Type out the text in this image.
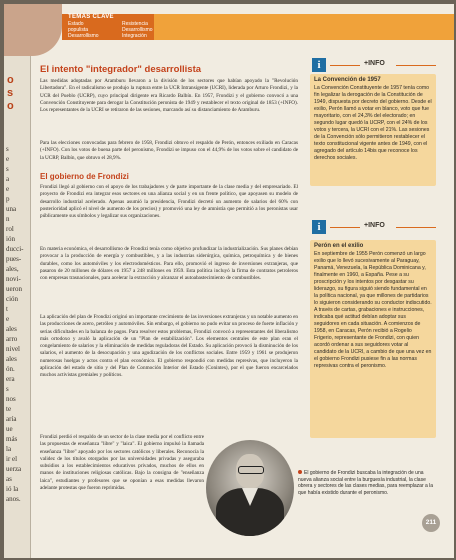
s
e
s
a
e
p
una
n
rol
ión
ducci-
pues-
ales,
novi-
ueron
ción
t
e
ales
arro
nivel
ales
ón.
era
s
nos
te
aría
ue
más
la
ir el
uerza
as
ió la
anos.
o
s
o
TEMAS CLAVE
Estado
populista
Desarrollismo
Resistencia
Desarrollismo
Integración
El intento "integrador" desarrollista
Las medidas adoptadas por Aramburu llevaron a la división de los sectores que habían apoyado la "Revolución Libertadora". En el radicalismo se produjo la ruptura entre la UCR Intransigente (UCRI), liderada por Arturo Frondizi, y la UCR del Pueblo (UCRP), cuyo principal dirigente era Ricardo Balbín. En 1957, Frondizi y el gobierno convocó a una Convención Constituyente para derogar la Constitución peronista de 1949 y restablecer el texto original de 1853 (+INFO). Los representantes de la UCRI se retiraron de las sesiones, marcando así su distanciamiento de Aramburu.
Para las elecciones convocadas para febrero de 1958, Frondizi obtuvo el respaldo de Perón, entonces exiliado en Caracas (+INFO). Con los votos de buena parte del peronismo, Frondizi se impuso con el 44,9% de los votos sobre el candidato de la UCRP, Balbín, que obtuvo el 28,9%.
El gobierno de Frondizi
Frondizi llegó al gobierno con el apoyo de los trabajadores y de parte importante de la clase media y del empresariado. El proyecto de Frondizi era integrar esos sectores en una alianza social y en un frente político, que apoyasen su modelo de desarrollo industrial acelerado. Apenas asumió la presidencia, Frondizi decretó un aumento de salarios del 60% con posterioridad aplicó el nivel de aumento de los precios) y promovió una ley de amnistía que permitió a los peronistas usar públicamente sus símbolos y legalizar sus organizaciones.
En materia económica, el desarrollismo de Frondizi tenía como objetivo profundizar la industrialización. Sus planes debían provocar a la producción de energía y combustibles, y a las industrias siderúrgica, química, petroquímica y de bienes durables, como los automóviles y los electrodomésticos. Para ello, promovió el ingreso de inversiones extranjeras, que pasaron de 20 millones de dólares en 1957 a 248 millones en 1959. Esta política incluyó la firma de contratos petroleros con empresas trasnacionales, para acelerar la extracción y alcanzar el autoabastecimiento de combustibles.
La aplicación del plan de Frondizi originó un importante crecimiento de las inversiones extranjeras y un notable aumento en las producciones de acero, petróleo y automóviles. Sin embargo, el gobierno no pudo evitar un proceso de fuerte inflación y serias dificultades en la balanza de pagos. Para resolver estos problemas, Frondizi convocó a representantes del liberalismo más ortodoxo y avaló la aplicación de un "Plan de estabilización". Los elementos centrales de este plan eran el congelamiento de salarios y la eliminación de medidas reguladoras del Estado. Su aplicación provocó la disminución de los salarios, el aumento de la desocupación y una agudización de los conflictos sociales. Entre 1959 y 1961 se produjeron numerosas huelgas y actos contra el plan económico. El gobierno respondió con medidas represivas, que incluyeron la aplicación del estado de sitio y del Plan de Conmoción Interior del Estado (Conintes), por el que fueron encarcelados muchos activistas gremiales y políticos.
Frondizi perdió el respaldo de un sector de la clase media por el conflicto entre las propuestas de enseñanza "libre" y "laica". El gobierno impulsó la llamada enseñanza "libre" apoyado por los sectores católicos y liberales. Reconocía la validez de los títulos otorgados por las universidades privadas y aseguraba subsidios a los establecimientos educativos privados, muchos de ellos en manos de instituciones religiosas católicas. Bajo la consigna de "enseñanza laica", estudiantes y profesores que se oponían a esas medidas llevaron adelante protestas que fueron reprimidas.
i	+INFO
La Convención de 1957
La Convención Constituyente de 1957 tenía como fin legalizar la derogación de la Constitución de 1949, dispuesta por decreto del gobierno. Desde el exilio, Perón llamó a votar en blanco, voto que fue mayoritario, con el 24,3% del electorado; en segundo lugar quedó la UCRP, con el 24% de los votos y tercera, la UCRI con el 21%. Las sesiones de la Convención sólo permitieron restablecer el texto constitucional vigente antes de 1949, con el agregado del artículo 14bis que reconoce los derechos sociales.
i	+INFO
Perón en el exilio
En septiembre de 1955 Perón comenzó un largo exilio que lo llevó sucesivamente al Paraguay, Panamá, Venezuela, la República Dominicana y, finalmente en 1960, a España. Pese a su proscripción y los intentos por desgastar su liderazgo, su figura siguió siendo fundamental en la política nacional, ya que millones de partidarios lo siguieron considerando su conductor indiscutido. A través de cartas, grabaciones e instrucciones, indicaba qué actitud debían adoptar sus seguidores en cada situación. A comienzos de 1958, en Caracas, Perón recibió a Rogelio Frigerio, representante de Frondizi, con quien acordó ordenar a sus seguidores votar al candidato de la UCRI, a cambio de que una vez en el gobierno Frondizi pusiese fin a las normas represivas contra el peronismo.
El gobierno de Frondizi buscaba la integración de una nueva alianza social entre la burguesía industrial, la clase obrera y sectores de las clases medias, para reemplazar a la que había existido durante el peronismo.
211
